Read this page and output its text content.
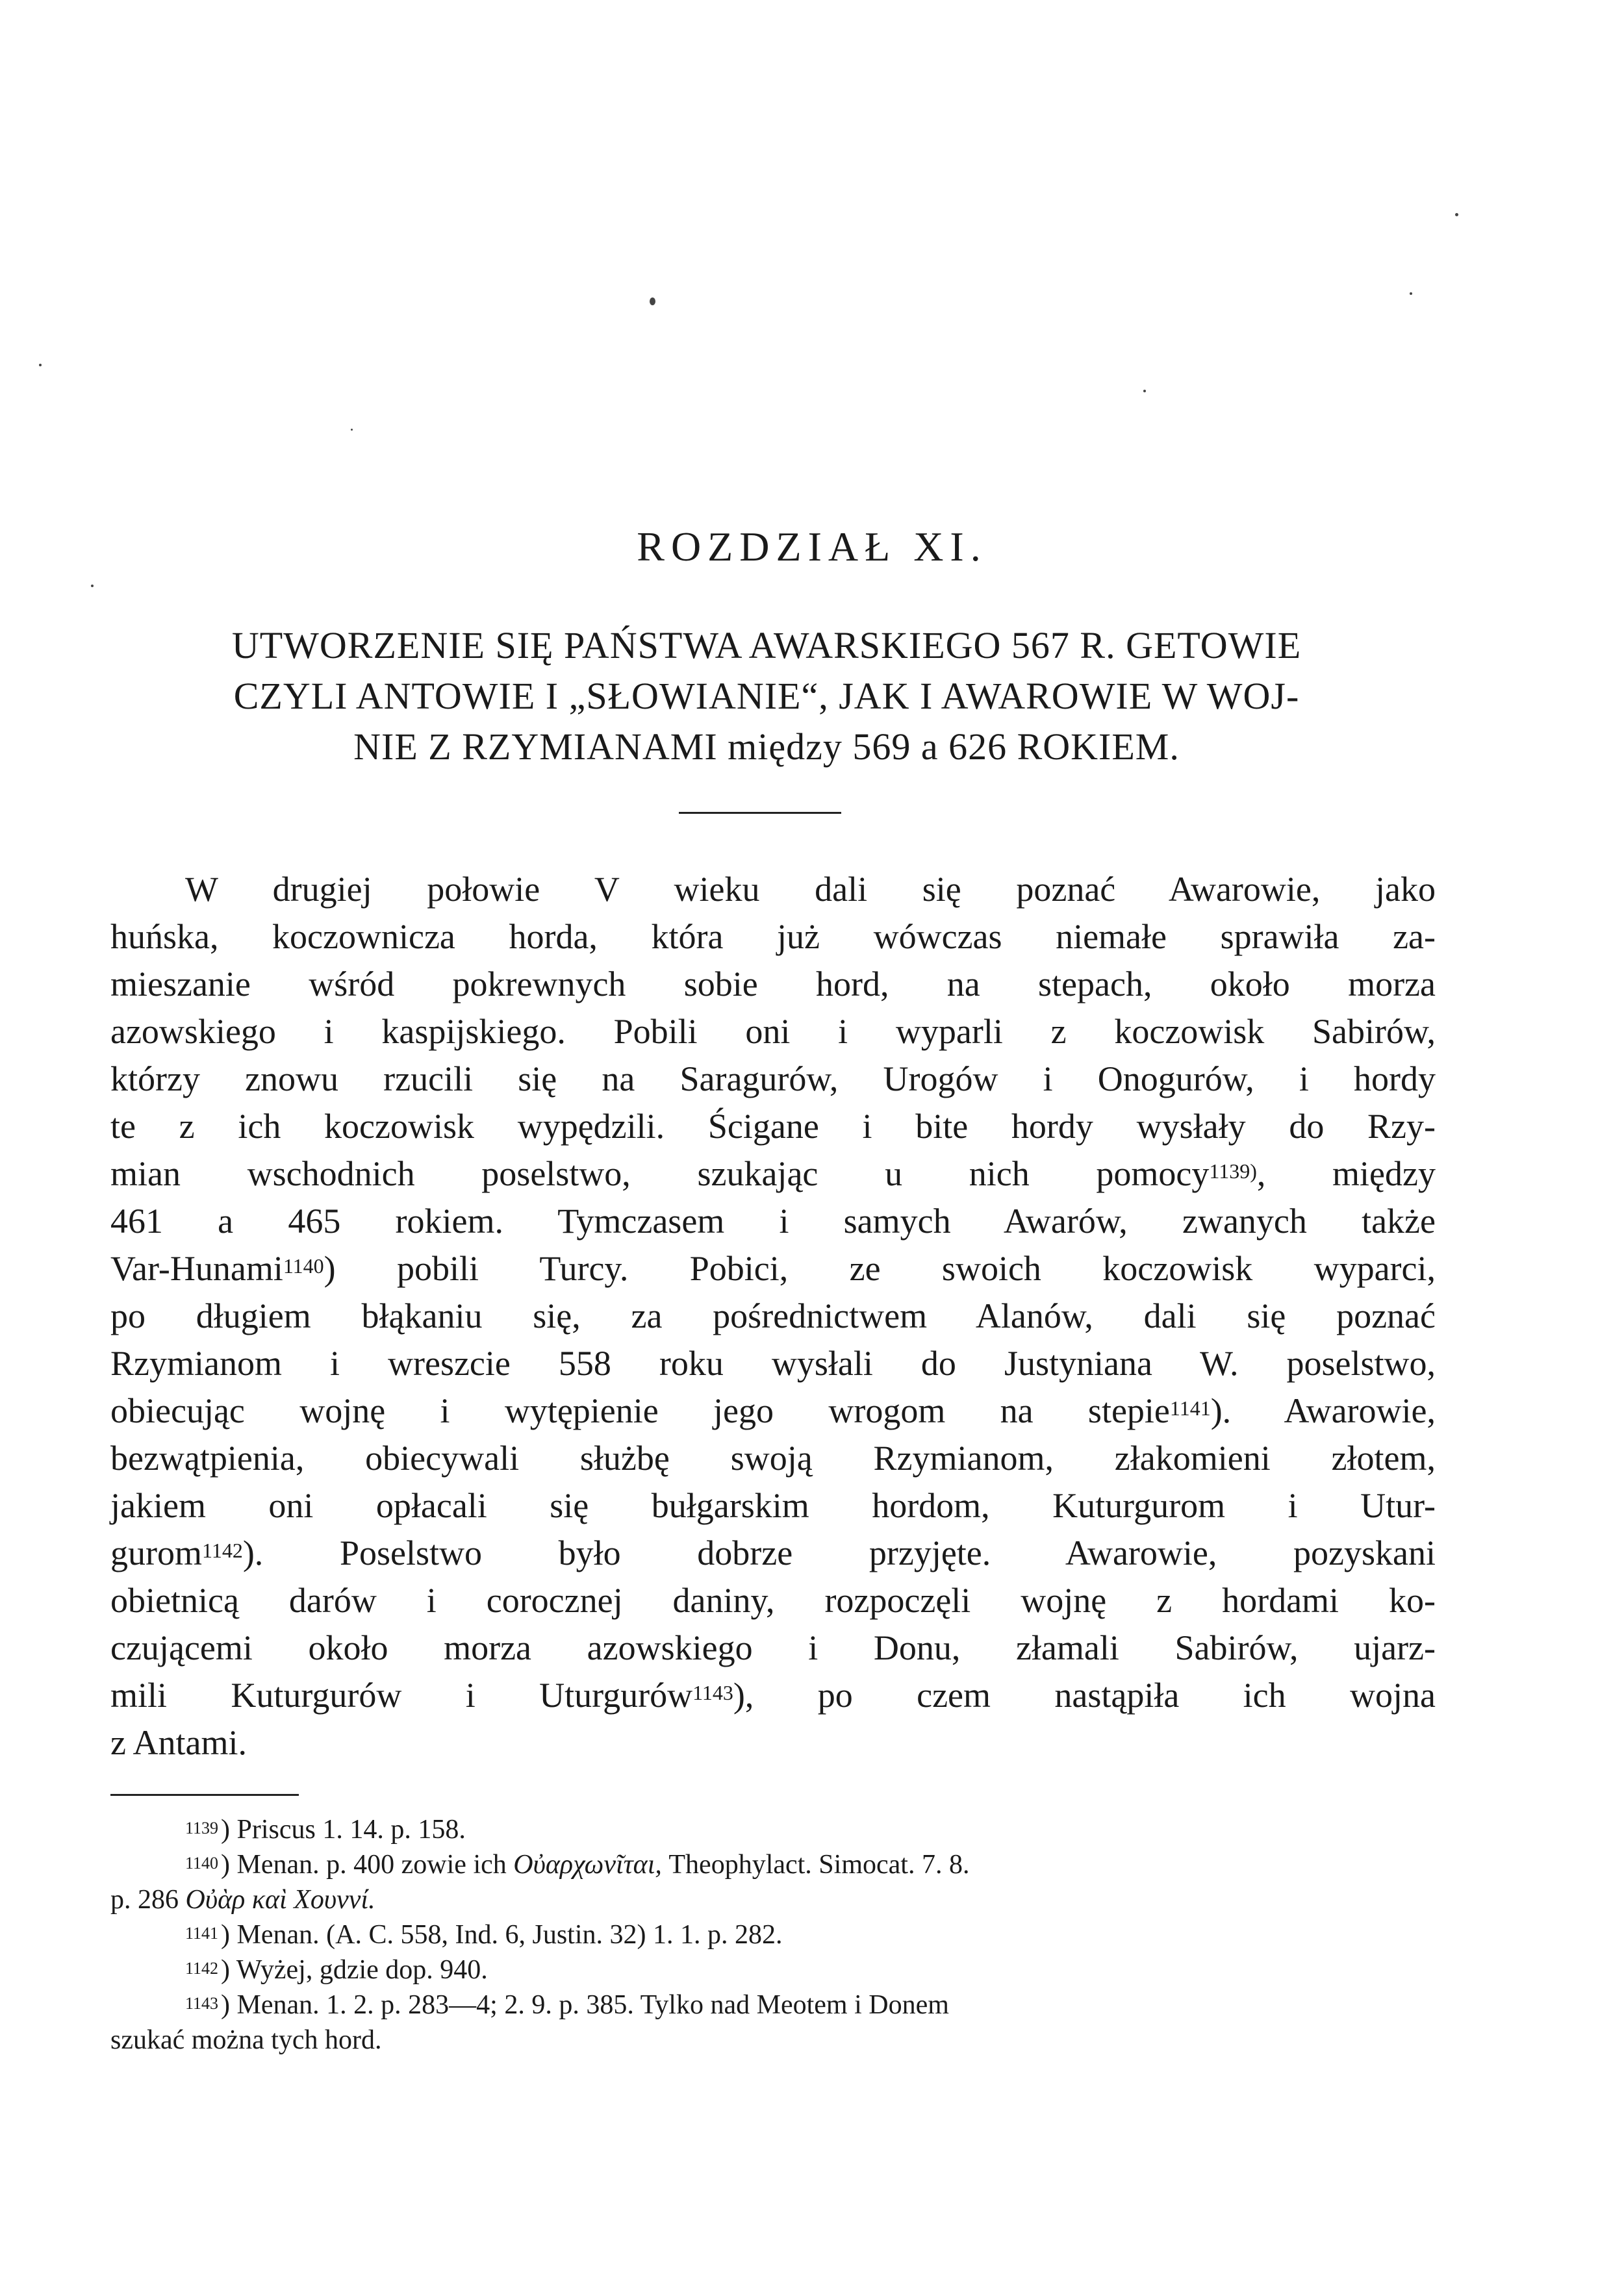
ROZDZIAŁ XI.
UTWORZENIE SIĘ PAŃSTWA AWARSKIEGO 567 R. GETOWIE
CZYLI ANTOWIE I „SŁOWIANIE“, JAK I AWAROWIE W WOJ-
NIE Z RZYMIANAMI między 569 a 626 ROKIEM.
W drugiej połowie V wieku dali się poznać Awarowie, jako
huńska, koczownicza horda, która już wówczas niemałe sprawiła za-
mieszanie wśród pokrewnych sobie hord, na stepach, około morza
azowskiego i kaspijskiego. Pobili oni i wyparli z koczowisk Sabirów,
którzy znowu rzucili się na Saragurów, Urogów i Onogurów, i hordy
te z ich koczowisk wypędzili. Ścigane i bite hordy wysłały do Rzy-
mian wschodnich poselstwo, szukając u nich pomocy$^{1139)}$, między
461 a 465 rokiem. Tymczasem i samych Awarów, zwanych także
Var-Hunami$^{1140}$) pobili Turcy. Pobici, ze swoich koczowisk wyparci,
po długiem błąkaniu się, za pośrednictwem Alanów, dali się poznać
Rzymianom i wreszcie 558 roku wysłali do Justyniana W. poselstwo,
obiecując wojnę i wytępienie jego wrogom na stepie$^{1141}$). Awarowie,
bezwątpienia, obiecywali służbę swoją Rzymianom, złakomieni złotem,
jakiem oni opłacali się bułgarskim hordom, Kuturgurom i Utur-
gurom$^{1142}$). Poselstwo było dobrze przyjęte. Awarowie, pozyskani
obietnicą darów i corocznej daniny, rozpoczęli wojnę z hordami ko-
czującemi około morza azowskiego i Donu, złamali Sabirów, ujarz-
mili Kuturgurów i Uturgurów$^{1143}$), po czem nastąpiła ich wojna
z Antami.
$^{1139}$) Priscus 1. 14. p. 158.
$^{1140}$) Menan. p. 400 zowie ich Οὐαρχωνῖται, Theophylact. Simocat. 7. 8.
p. 286 Οὐὰρ καὶ Χουννί.
$^{1141}$) Menan. (A. C. 558, Ind. 6, Justin. 32) 1. 1. p. 282.
$^{1142}$) Wyżej, gdzie dop. 940.
$^{1143}$) Menan. 1. 2. p. 283—4; 2. 9. p. 385. Tylko nad Meotem i Donem
szukać można tych hord.
